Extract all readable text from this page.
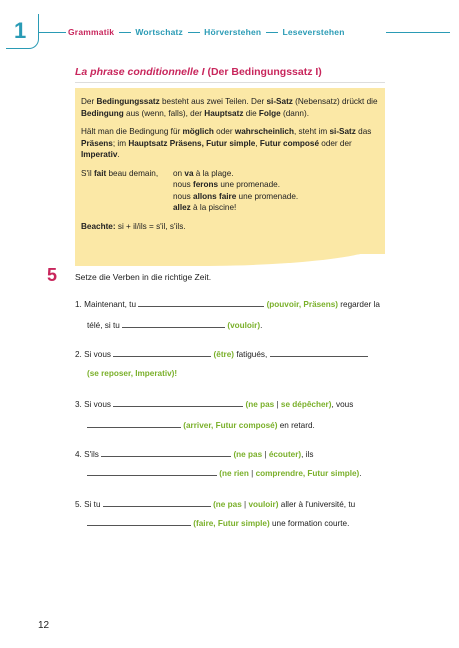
1	Grammatik Wortschatz Hörverstehen Leseverstehen
La phrase conditionnelle I (Der Bedingungssatz I)

Der Bedingungssatz besteht aus zwei Teilen. Der si-Satz (Nebensatz) drückt die Bedingung aus (wenn, falls), der Hauptsatz die Folge (dann).

Hält man die Bedingung für möglich oder wahrscheinlich, steht im si-Satz das Präsens; im Hauptsatz Präsens, Futur simple, Futur composé oder der Imperativ.

S'il fait beau demain,	on va à la plage.
nous ferons une promenade.
nous allons faire une promenade.
allez à la piscine!

Beachte: si + il/ils = s'il, s'ils.

5 Setze die Verben in die richtige Zeit.
1. Maintenant, tu	(pouvoir, Präsens) regarder la
télé, si tu	(vouloir).
2. Si vous	(être) fatigués,
(se reposer, Imperativ)!
3. Si vous	(ne pas | se dépêcher), vous
(arriver, Futur composé) en retard.
4. S'ils	(ne pas | écouter), ils
(ne rien | comprendre, Futur simple).
5. Si tu	(ne pas | vouloir) aller à l'université, tu
(faire, Futur simple) une formation courte.
12
